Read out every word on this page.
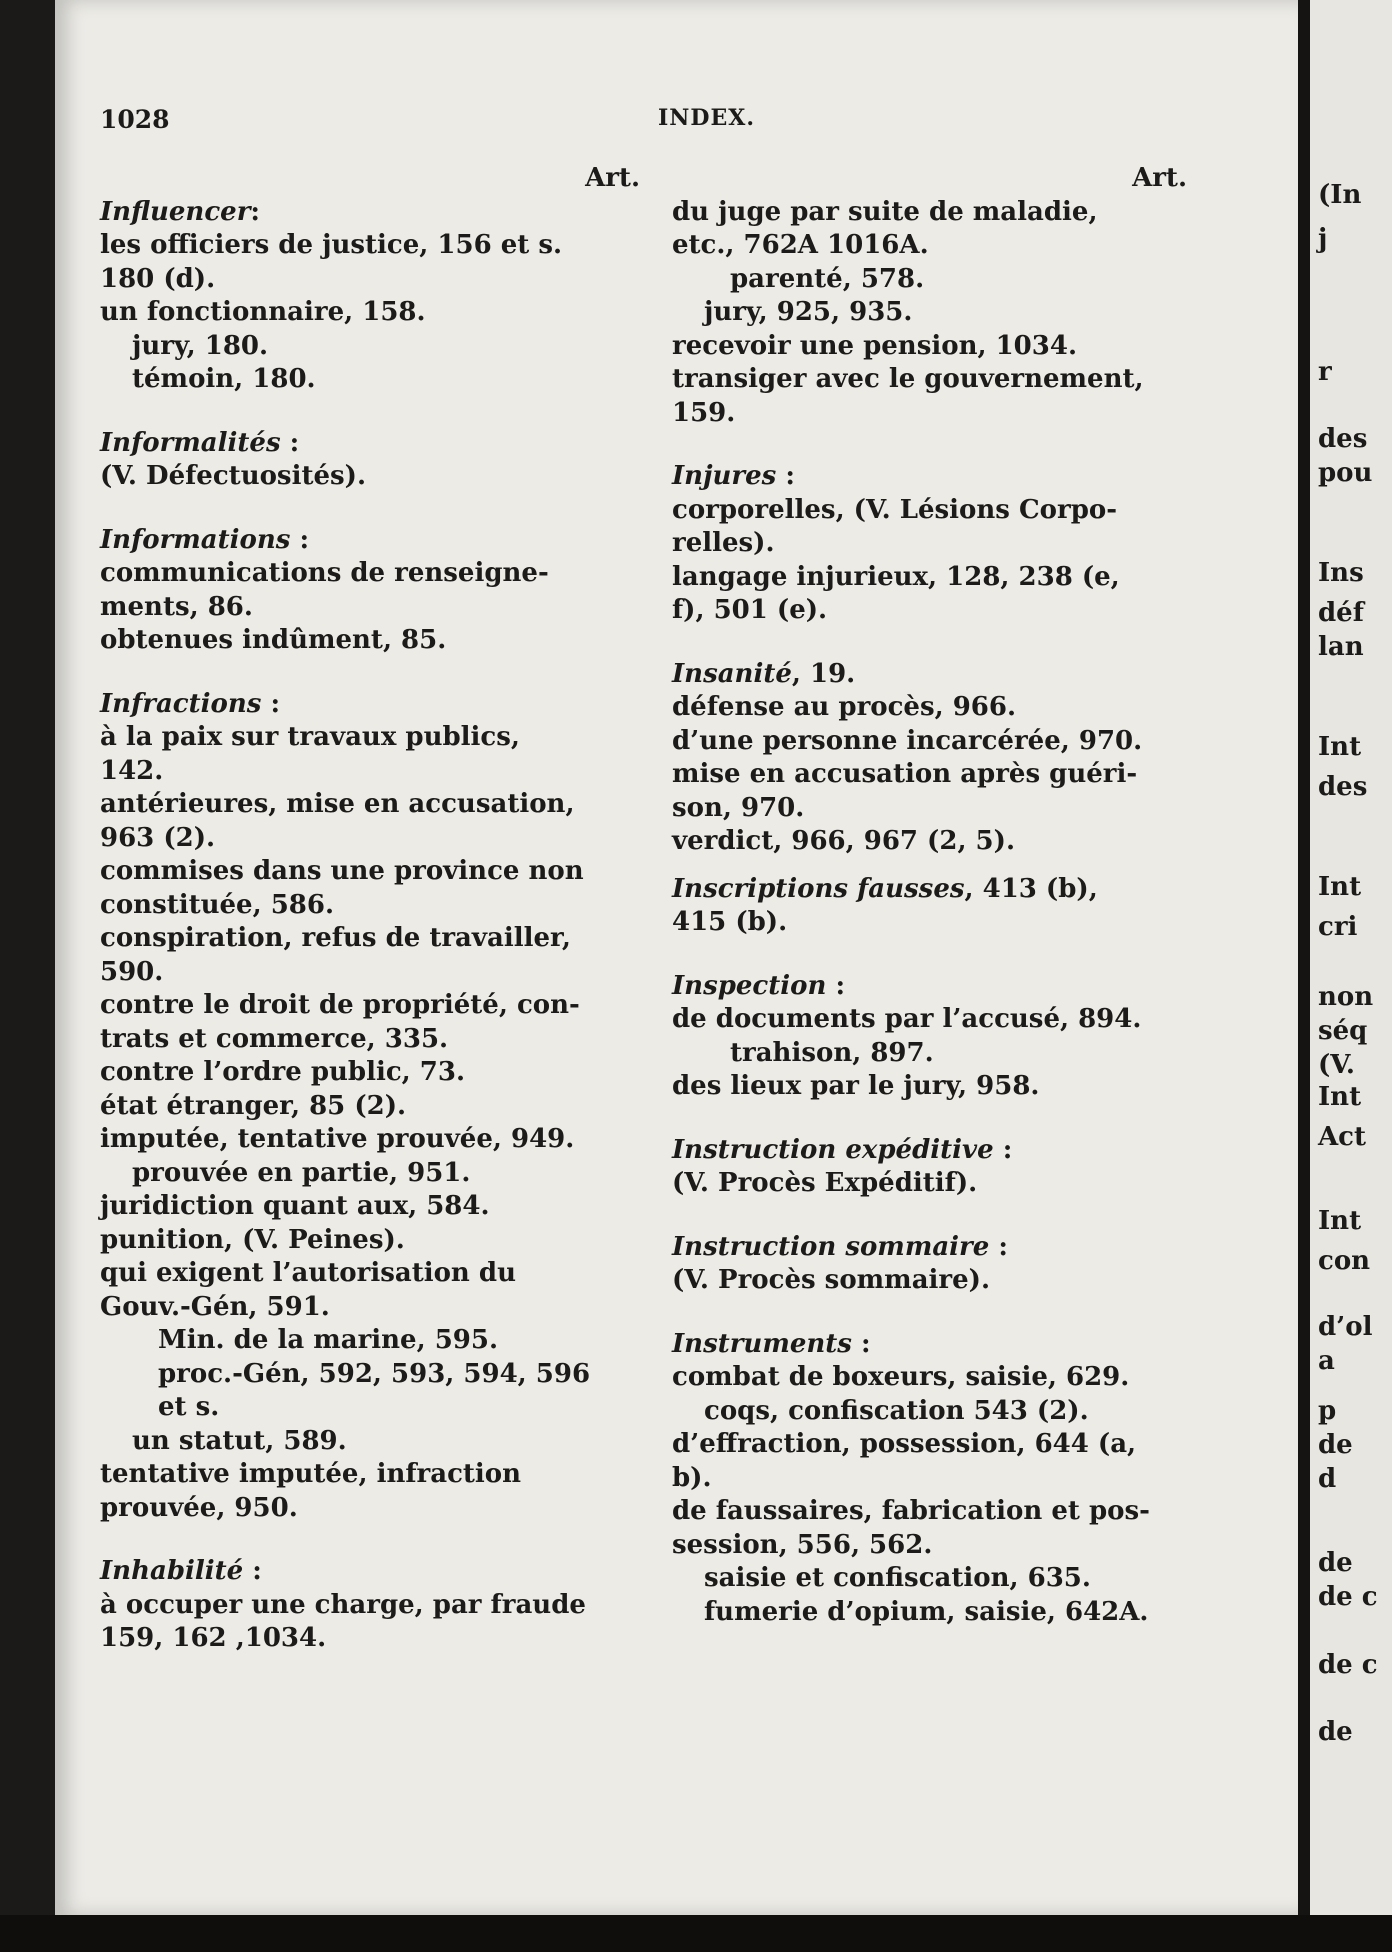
(In
j
r
des
pou
Ins
déf
lan
Int
des
Int
cri
non
séq
(V.
Int
Act
Int
con
d’ol
a
p
de
d
de
de c
de c
de
1028	INDEX.
Art.
Influencer:
les officiers de justice, 156 et s.
180 (d).
un fonctionnaire, 158.
jury, 180.
témoin, 180.
Informalités :
(V. Défectuosités).
Informations :
communications de renseigne-
ments, 86.
obtenues indûment, 85.
Infractions :
à la paix sur travaux publics,
142.
antérieures, mise en accusation,
963 (2).
commises dans une province non
constituée, 586.
conspiration, refus de travailler,
590.
contre le droit de propriété, con-
trats et commerce, 335.
contre l’ordre public, 73.
état étranger, 85 (2).
imputée, tentative prouvée, 949.
prouvée en partie, 951.
juridiction quant aux, 584.
punition, (V. Peines).
qui exigent l’autorisation du
Gouv.-Gén, 591.
Min. de la marine, 595.
proc.-Gén, 592, 593, 594, 596
et s.
un statut, 589.
tentative imputée, infraction
prouvée, 950.
Inhabilité :
à occuper une charge, par fraude
159, 162 ,1034.
Art.
du juge par suite de maladie,
etc., 762A 1016A.
parenté, 578.
jury, 925, 935.
recevoir une pension, 1034.
transiger avec le gouvernement,
159.
Injures :
corporelles, (V. Lésions Corpo-
relles).
langage injurieux, 128, 238 (e,
f), 501 (e).
Insanité, 19.
défense au procès, 966.
d’une personne incarcérée, 970.
mise en accusation après guéri-
son, 970.
verdict, 966, 967 (2, 5).
Inscriptions fausses, 413 (b),
415 (b).
Inspection :
de documents par l’accusé, 894.
trahison, 897.
des lieux par le jury, 958.
Instruction expéditive :
(V. Procès Expéditif).
Instruction sommaire :
(V. Procès sommaire).
Instruments :
combat de boxeurs, saisie, 629.
coqs, confiscation 543 (2).
d’effraction, possession, 644 (a,
b).
de faussaires, fabrication et pos-
session, 556, 562.
saisie et confiscation, 635.
fumerie d’opium, saisie, 642A.
